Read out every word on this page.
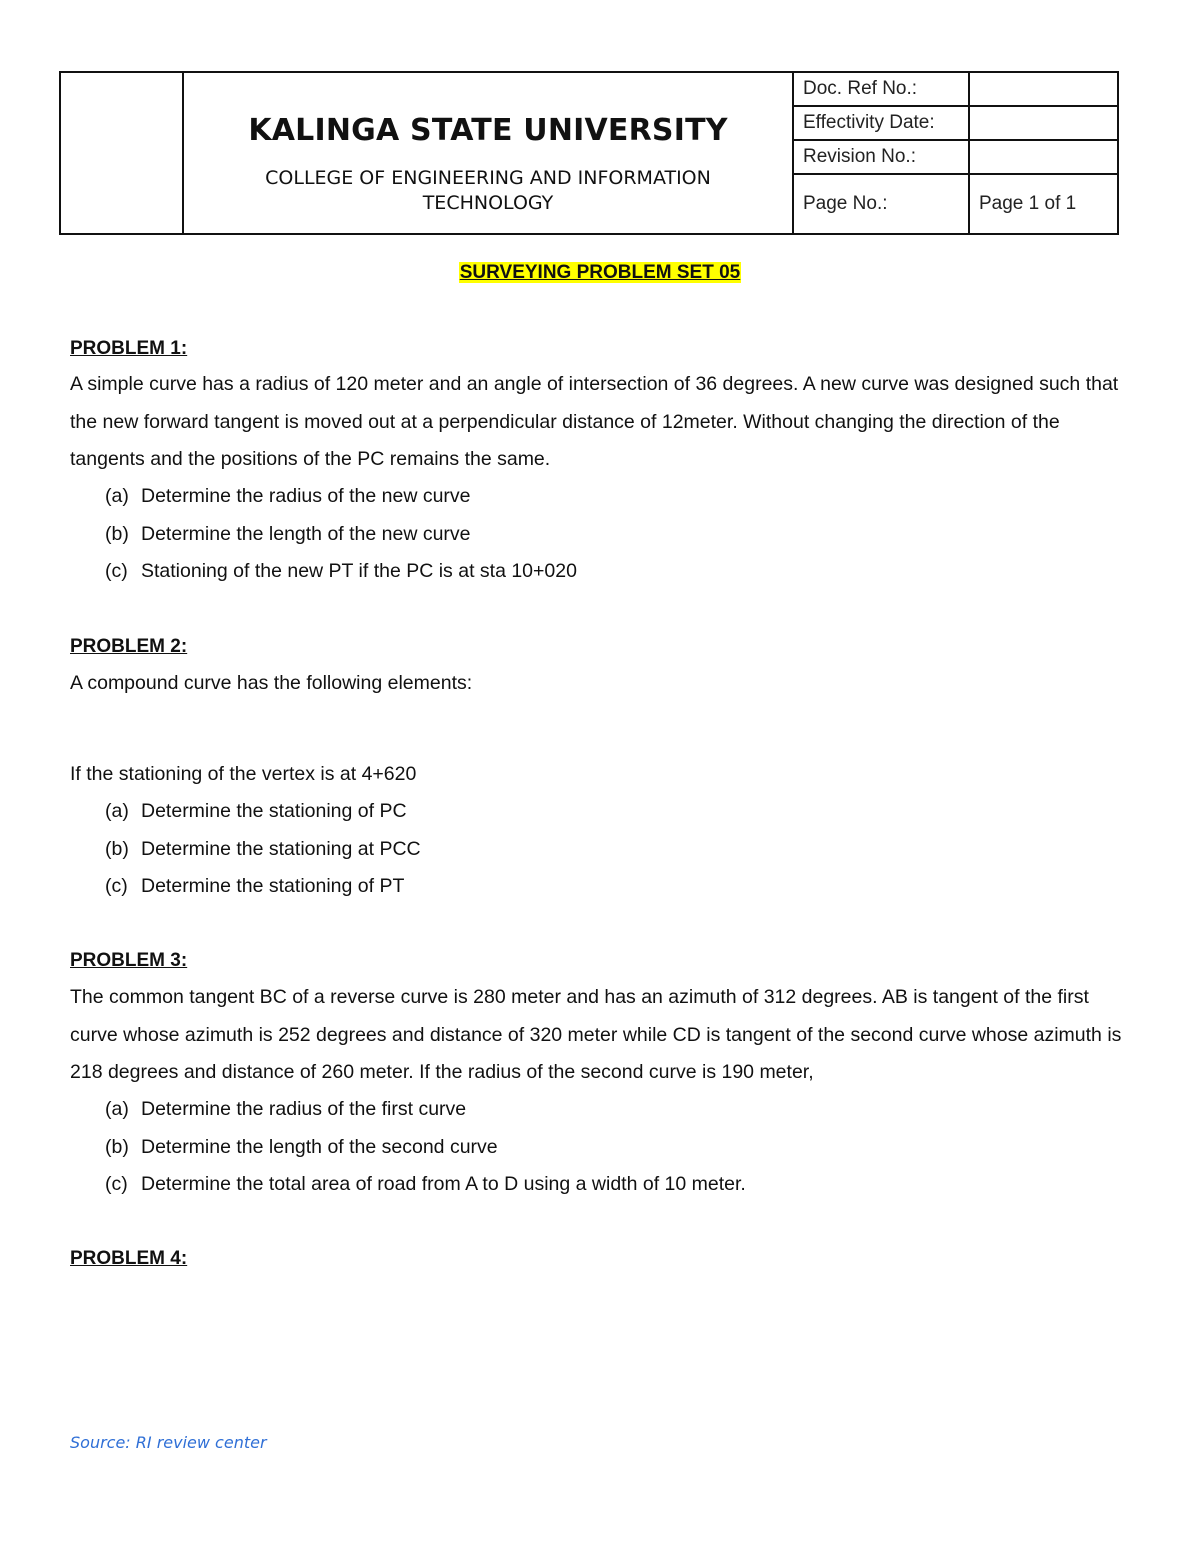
KALINGA STATE UNIVERSITY
COLLEGE OF ENGINEERING AND INFORMATION TECHNOLOGY
Doc. Ref No.:
Effectivity Date:
Revision No.:
Page No.:	Page 1 of 1
SURVEYING PROBLEM SET 05
PROBLEM 1:
A simple curve has a radius of 120 meter and an angle of intersection of 36 degrees. A new curve was designed such that the new forward tangent is moved out at a perpendicular distance of 12meter. Without changing the direction of the tangents and the positions of the PC remains the same.
(a) Determine the radius of the new curve
(b) Determine the length of the new curve
(c) Stationing of the new PT if the PC is at sta 10+020
PROBLEM 2:
A compound curve has the following elements:
If the stationing of the vertex is at 4+620
(a) Determine the stationing of PC
(b) Determine the stationing at PCC
(c) Determine the stationing of PT
PROBLEM 3:
The common tangent BC of a reverse curve is 280 meter and has an azimuth of 312 degrees. AB is tangent of the first curve whose azimuth is 252 degrees and distance of 320 meter while CD is tangent of the second curve whose azimuth is 218 degrees and distance of 260 meter. If the radius of the second curve is 190 meter,
(a) Determine the radius of the first curve
(b) Determine the length of the second curve
(c) Determine the total area of road from A to D using a width of 10 meter.
PROBLEM 4:
Source: RI review center
